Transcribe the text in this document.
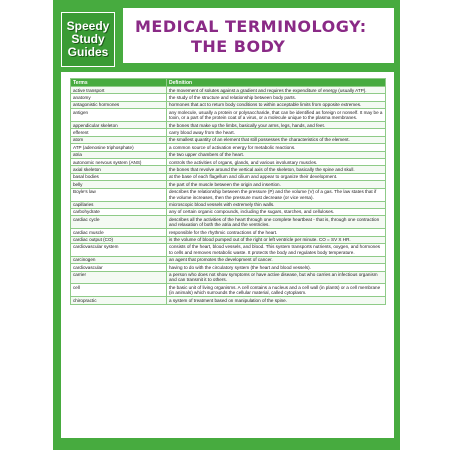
Speedy
Study
Guides
MEDICAL TERMINOLOGY:
THE BODY
Terms	Definition
active transport	the movement of solutes against a gradient and requires the expenditure of energy (usually ATP).
anatomy	the study of the structure and relationship between body parts.
antagonistic hormones	hormones that act to return body conditions to within acceptable limits from opposite extremes.
antigen	any molecule, usually a protein or polysaccharide, that can be identified as foreign or nonself. It may be a toxin, or a part of the protein coat of a virus, or a molecule unique to the plasma membranes.
appendicular skeleton	the bones that make up the limbs, basically your arms, legs, hands, and feet.
efferent	carry blood away from the heart.
atom	the smallest quantity of an element that still possesses the characteristics of the element.
ATP (adenosine triphosphate)	a common source of activation energy for metabolic reactions.
atria	the two upper chambers of the heart.
autonomic nervous system (ANS)	controls the activities of organs, glands, and various involuntary muscles.
axial skeleton	the bones that revolve around the vertical axis of the skeleton, basically the spine and skull.
basal bodies	at the base of each flagellum and cilium and appear to organize their development.
belly	the part of the muscle between the origin and insertion.
Boyle's law	describes the relationship between the pressure (P) and the volume (V) of a gas. The law states that if the volume increases, then the pressure must decrease (or vice versa).
capillaries	microscopic blood vessels with extremely thin walls.
carbohydrate	any of certain organic compounds, including the sugars, starches, and celluloses.
cardiac cycle	describes all the activities of the heart through one complete heartbeat - that is, through one contraction and relaxation of both the atria and the ventricles.
cardiac muscle	responsible for the rhythmic contractions of the heart.
cardiac output (CO)	is the volume of blood pumped out of the right or left ventricle per minute. CO = SV X HR.
cardiovascular system	consists of the heart, blood vessels, and blood. This system transports nutrients, oxygen, and hormones to cells and removes metabolic waste. It protects the body and regulates body temperature.
carcinogen	an agent that promotes the development of cancer.
cardiovascular	having to do with the circulatory system (the heart and blood vessels).
carrier	a person who does not show symptoms or have active disease, but who carries an infectious organism and can transmit it to others.
cell	the basic unit of living organisms. A cell contains a nucleus and a cell wall (in plants) or a cell membrane (in animals) which surrounds the cellular material, called cytoplasm.
chiropractic	a system of treatment based on manipulation of the spine.
